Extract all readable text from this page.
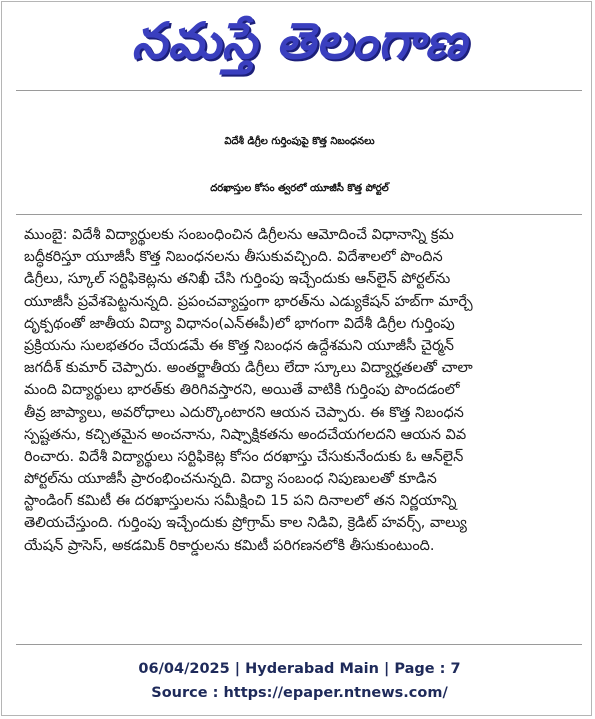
నమస్తే తెలంగాణ
విదేశీ డిగ్రీల గుర్తింపుపై కొత్త నిబంధనలు
దరఖాస్తుల కోసం త్వరలో యూజీసీ కొత్త పోర్టల్
ముంబై: విదేశీ విద్యార్థులకు సంబంధించిన డిగ్రీలను ఆమోదించే విధానాన్ని క్రమ
బద్ధీకరిస్తూ యూజీసీ కొత్త నిబంధనలను తీసుకువచ్చింది. విదేశాలలో పొందిన
డిగ్రీలు, స్కూల్ సర్టిఫికెట్లను తనిఖీ చేసి గుర్తింపు ఇచ్చేందుకు ఆన్‌లైన్ పోర్టల్‌ను
యూజీసీ ప్రవేశపెట్టనున్నది. ప్రపంచవ్యాప్తంగా భారత్‌ను ఎడ్యుకేషన్ హబ్‌గా మార్చే
దృక్పథంతో జాతీయ విద్యా విధానం(ఎన్‌ఈపీ)లో భాగంగా విదేశీ డిగ్రీల గుర్తింపు
ప్రక్రియను సులభతరం చేయడమే ఈ కొత్త నిబంధన ఉద్దేశమని యూజీసీ చైర్మన్
జగదీశ్ కుమార్ చెప్పారు. అంతర్జాతీయ డిగ్రీలు లేదా స్కూలు విద్యార్హతలతో చాలా
మంది విద్యార్థులు భారత్‌కు తిరిగివస్తారని, అయితే వాటికి గుర్తింపు పొందడంలో
తీవ్ర జాప్యాలు, అవరోధాలు ఎదుర్కొంటారని ఆయన చెప్పారు. ఈ కొత్త నిబంధన
స్పష్టతను, కచ్చితమైన అంచనాను, నిష్పాక్షికతను అందచేయగలదని ఆయన వివ
రించారు. విదేశీ విద్యార్థులు సర్టిఫికెట్ల కోసం దరఖాస్తు చేసుకునేందుకు ఓ ఆన్‌లైన్
పోర్టల్‌ను యూజీసీ ప్రారంభించనున్నది. విద్యా సంబంధ నిపుణులతో కూడిన
స్టాండింగ్ కమిటీ ఈ దరఖాస్తులను సమీక్షించి 15 పని దినాలలో తన నిర్ణయాన్ని
తెలియచేస్తుంది. గుర్తింపు ఇచ్చేందుకు ప్రోగ్రామ్ కాల నిడివి, క్రెడిట్ హవర్స్, వాల్యు
యేషన్ ప్రాసెస్, అకడమిక్ రికార్డులను కమిటీ పరిగణనలోకి తీసుకుంటుంది.
06/04/2025 | Hyderabad Main | Page : 7
Source : https://epaper.ntnews.com/
